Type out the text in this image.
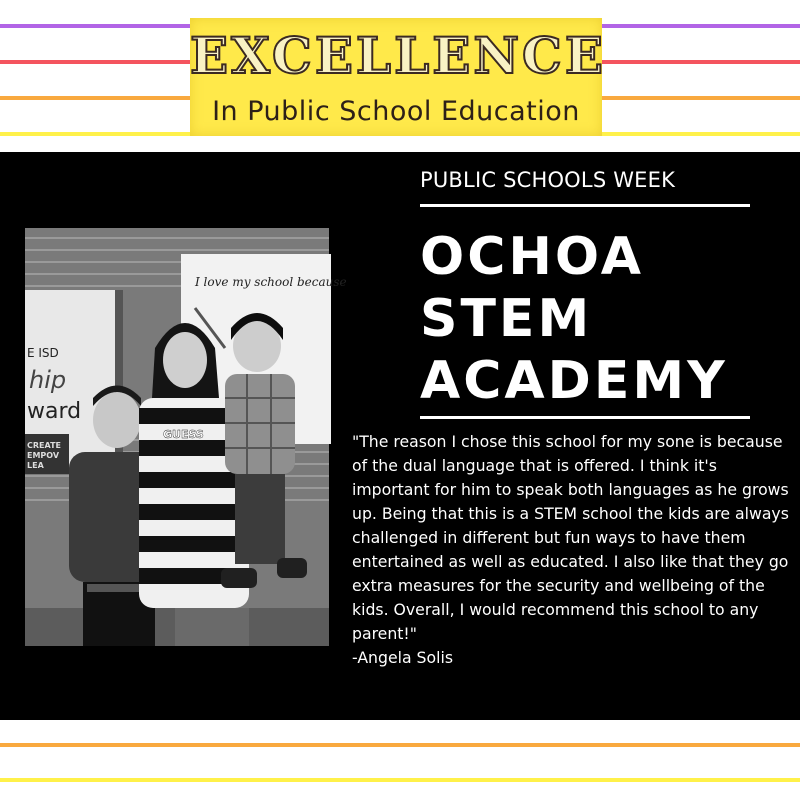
EXCELLENCE
In Public School Education
E ISD
hip
ward
CREATE
EMPOV
LEA
I love my school because
GUESS
PUBLIC SCHOOLS WEEK
OCHOA
STEM
ACADEMY
"The reason I chose this school for my sone is because of the dual language that is offered. I think it's important for him to speak both languages as he grows up. Being that this is a STEM school the kids are always challenged in different but fun ways to have them entertained as well as educated. I also like that they go extra measures for the security and wellbeing of the kids. Overall, I would recommend this school to any parent!"
-Angela Solis
